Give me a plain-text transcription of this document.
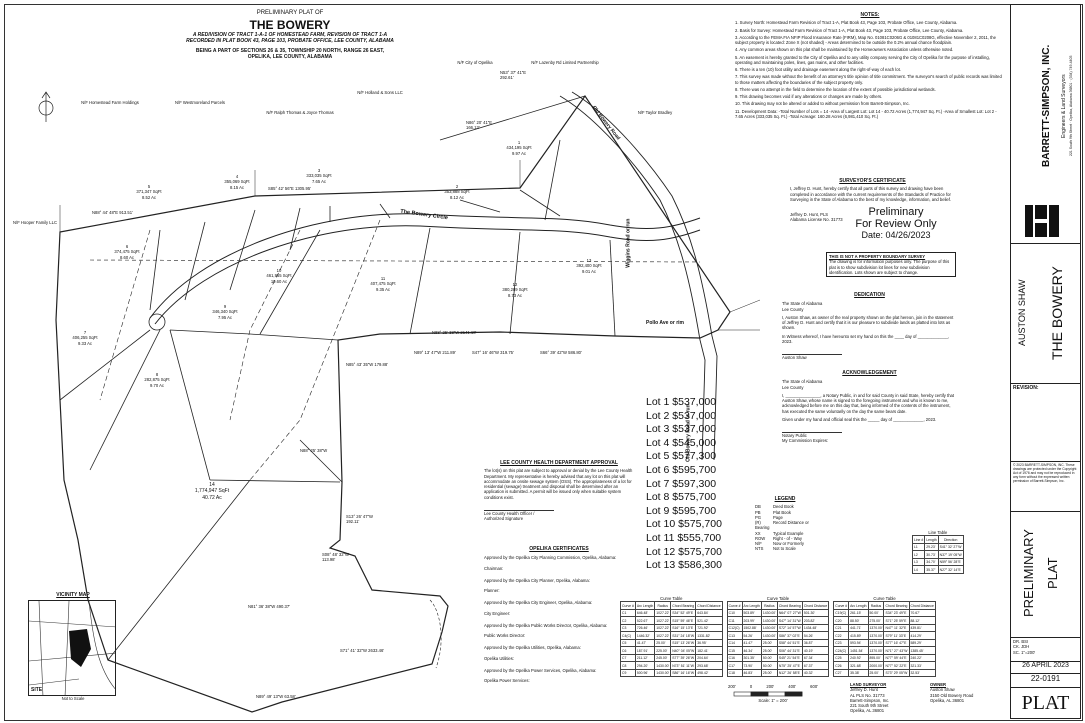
PRELIMINARY PLAT OF
THE BOWERY
A REDIVISION OF TRACT 1-A-1 OF HOMESTEAD FARM, REVISION OF TRACT 1-A
RECORDED IN PLAT BOOK 43, PAGE 103, PROBATE OFFICE, LEE COUNTY, ALABAMA
BEING A PART OF SECTIONS 26 & 35, TOWNSHIP 20 NORTH, RANGE 26 EAST,
OPELIKA, LEE COUNTY, ALABAMA
N/F Homestead Farm Holdings	N/F Westmoreland Parcels
N/F Ralph Thomas & Joyce Thomas
N/F Holland & Sons LLC
N/F City of Opelika
N/F Hooper Family LLC
N/F Lazenby Rd Limited Partnership
N/F Taylor Bradley
N88° 44' 48"E 913.51'
S85° 42' 56"E 1305.95'
N88° 25' 38"W 2141.18'
N85° 43' 35"W 179.88'
N89° 13' 47"W 211.89'	S47° 16' 46"W 319.75'	S66° 39' 42"W 586.80'
S13° 26' 47"W 192.11'
S08° 48' 32"W 113.98'
N81° 36' 38"W 490.37'
N89° 49' 13"W 63.58'
S71° 41' 32"W 2633.46'
N53° 37' 41"E 292.61'
N86° 20' 41"E 166.13'
N88° 25' 38"W
The Bowery Circle
Old Bowery Road
Wiggins Road or run
Pollo Ave or rim
Old Bowery Road or run
1
434,195 SqFt
9.97 Ac
2
353,888 SqFt
8.12 Ac
3
333,035 SqFt
7.65 Ac
4
355,069 SqFt
8.15 Ac
5
371,347 SqFt
8.52 Ac
6
374,475 SqFt
8.60 Ac
7
406,255 SqFt
9.33 Ac
8
282,875 SqFt
9.70 Ac
9
346,340 SqFt
7.95 Ac
10
461,965 SqFt
10.60 Ac	11
407,475 SqFt
9.35 Ac
12
380,289 SqFt
8.73 Ac
13
392,400 SqFt
9.01 Ac
14
1,774,947 SqFt
40.72 Ac
Preliminary
For Review Only
Date: 04/26/2023
Lot 1 $537,000
Lot 2 $537,000
Lot 3 $537,000
Lot 4 $545,000
Lot 5 $577,300
Lot 6 $595,700
Lot 7 $597,300
Lot 8 $575,700
Lot 9 $595,700
Lot 10 $575,700
Lot 11 $555,700
Lot 12 $575,700
Lot 13 $586,300
NOTES:
1. Survey North: Homestead Farm Revision of Tract 1-A, Plat Book 43, Page 103, Probate Office, Lee County, Alabama.
2. Basis for Survey: Homestead Farm Revision of Tract 1-A, Plat Book 43, Page 103, Probate Office, Lee County, Alabama.
3. According to the FEMA FIA NFIP Flood Insurance Rate (FIRM), Map No. 01081C0206G & 01081C0208G, effective November 2, 2011, the subject property is located: Zone X (not shaded) - Areas determined to be outside the 0.2% annual chance floodplain.
4. Any common areas shown on this plat shall be maintained by the Homeowners Association unless otherwise noted.
5. An easement is hereby granted to the City of Opelika and to any utility company serving the City of Opelika for the purpose of installing, operating and maintaining poles, lines, gas mains, and other facilities.
6. There is a ten (10) foot utility and drainage easement along the right-of-way of each lot.
7. This survey was made without the benefit of an attorney's title opinion of title commitment. The surveyor's search of public records was limited to those matters affecting the boundaries of the subject property only.
8. There was no attempt in the field to determine the location of the extent of possible jurisdictional wetlands.
9. This drawing becomes void if any alterations or changes are made by others.
10. This drawing may not be altered or added to without permission from Barrett-Simpson, Inc.
11. Development Data: -Total Number of Lots = 14 -Area of Largest Lot: Lot 14 - 40.72 Acres (1,774,947 Sq. Ft.) -Area of Smallest Lot: Lot 2 - 7.65 Acres (333,035 Sq. Ft.) -Total Acreage: 160.28 Acres (6,981,410 Sq. Ft.)
SURVEYOR'S CERTIFICATE
I, Jeffrey D. Hunt, hereby certify that all parts of this survey and drawing have been completed in accordance with the current requirements of the Standards of Practice for Surveying in the State of Alabama to the best of my knowledge, information, and belief.
Jeffrey D. Hunt, PLS
Alabama License No. 31773
THIS IS NOT A PROPERTY BOUNDARY SURVEY
The drawing is for information purposes only. The purpose of this plat is to show subdivision lot lines for new subdivision identification. Lots shown are subject to change.
DEDICATION
The State of Alabama
Lee County
I, Auston Shaw, as owner of the real property shown on the plat hereon, join in the statement of Jeffrey D. Hunt and certify that it is our pleasure to subdivide lands as platted into lots as shown.
In Witness whereof, I have hereunto set my hand on this the ____ day of _____________, 2023.
Auston Shaw
ACKNOWLEDGEMENT
The State of Alabama
Lee County
I, _______________, a Notary Public, in and for said County in said State, hereby certify that Auston Shaw, whose name is signed to the foregoing instrument and who is known to me, acknowledged before me on this day that, being informed of the contents of the instrument, has executed the same voluntarily on the day the same bears date.
Given under my hand and official seal this the _____ day of _____________, 2023.
Notary Public
My Commission Expires:
LEGEND
DB	Deed Book
PB	Plat Book
PG	Page
(R)	Record Distance or Bearing
XX	Typical Example
ROW Right - of - Way
N/F	Now or Formerly
NTS Not to Scale
Line Table
Line #	Length	Direction
L1	29.23'	S41° 32' 27"W
L2	30.73'	N37° 19' 05"W
L3	34.70'	N59° 56' 28"E
L4	35.37'	N27° 32' 14"E
Curve Table
Curve #	Arc Length	Radius	Chord Bearing	Chord Distance
C1	646.48'	1027.22'	S34° 52' 49"E	643.84'
C2	522.67'	1027.22'	S15° 59' 46"E	521.42'
C3	726.46'	1027.22'	S16° 15' 13"E	721.92'
C4(C)	1446.32'	1027.22'	S31° 24' 18"W	1331.82'
C5	41.47'	25.00'	S15° 13' 26"W	36.95'
C6	187.91'	225.00'	N40° 04' 05"W	182.41'
C7	211.12'	245.00'	S77° 39' 26"W	204.64'
C8	294.20'	1430.00'	N73° 51' 11"W	293.68'
C9	500.96'	1430.00'	S86° 16' 16"W	498.42'
Curve Table
Curve #	Arc Length	Radius	Chord Bearing	Chord Distance
C10	503.89'	1430.00'	N64° 07' 27"W	501.30'
C11	203.99'	1430.00'	S47° 14' 31"W	203.82'
C12(C)	1502.88'	1430.00'	S72° 14' 57"W	1434.48'
C13	54.26'	1430.00'	S86° 37' 02"E	54.26'
C14	41.47'	25.00'	S58° 44' 51"E	36.87'
C15	46.34'	25.00'	S06° 44' 31"E	40.19'
C16	301.35'	50.00'	S45° 21' 54"E	67.34'
C17	73.90'	50.00'	N75° 25' 47"E	67.37'
C18	46.83'	25.00'	N12° 26' 58"E	40.32'
Curve Table
Curve #	Arc Length	Radius	Chord Bearing	Chord Distance
C19(C)	261.15'	50.00'	S34° 23' 49"E	70.67'
C20	88.50'	275.00'	S71° 25' 59"E	88.12'
C21	441.71'	1370.00'	N47° 11' 32"E	439.81'
C22	415.89'	1370.00'	S79° 11' 33"E	414.29'
C23	593.94'	1370.00'	S77° 16' 47"E	589.29'
C24(C)	1451.54'	1370.00'	N71° 27' 43"W	1385.45'
C25	240.92'	895.00'	N77° 59' 44"E	240.22'
C26	321.68'	2000.00'	N77° 52' 22"E	321.33'
C27	35.38'	25.00'	S73° 29' 05"W	32.53'
200'	0	200'	400'	600'
Scale: 1" = 200'
LAND SURVEYOR
Jeffrey D. Hunt
AL PLS No. 31773
Barrett-Simpson, Inc.
221 South 9th Street
Opelika, AL 36801
OWNER
Auston Shaw
3150 Old Bowery Road
Opelika, AL 36801
LEE COUNTY HEALTH DEPARTMENT APPROVAL
The lot(s) on this plat are subject to approval or denial by the Lee County Health Department. My representative is hereby advised that any lot on this plat will accommodate an onsite sewage system (OSS). The appropriateness of a lot for residential (sewage) treatment and disposal shall be determined after an application is submitted. A permit will be issued only when suitable system conditions exist.
Lee County Health Officer / Authorized Signature
OPELIKA CERTIFICATES
Approved by the Opelika City Planning Commission, Opelika, Alabama:
Chairman:
Approved by the Opelika City Planner, Opelika, Alabama:
Planner:
Approved by the Opelika City Engineer, Opelika, Alabama:
City Engineer:
Approved by the Opelika Public Works Director, Opelika, Alabama:
Public Works Director:
Approved by the Opelika Utilities, Opelika, Alabama:
Opelika Utilities:
Approved by the Opelika Power Services, Opelika, Alabama:
Opelika Power Services:
VICINITY MAP
SITE
Not to Scale
BARRETT-SIMPSON, INC. Engineers & Land Surveyors 221 South 9th Street · Opelika, Alabama 36801 · (334) 749-4405
AUSTON SHAW THE BOWERY
REVISION:
© 2023 BARRETT-SIMPSON, INC. These drawings are protected under the Copyright Act of 1976 and may not be reproduced in any form without the expressed written permission of Barrett-Simpson, Inc.
PRELIMINARY PLAT
DR. BSI
CK. JDH
SC. 1"=200'
26 APRIL 2023
22-0191
PLAT
